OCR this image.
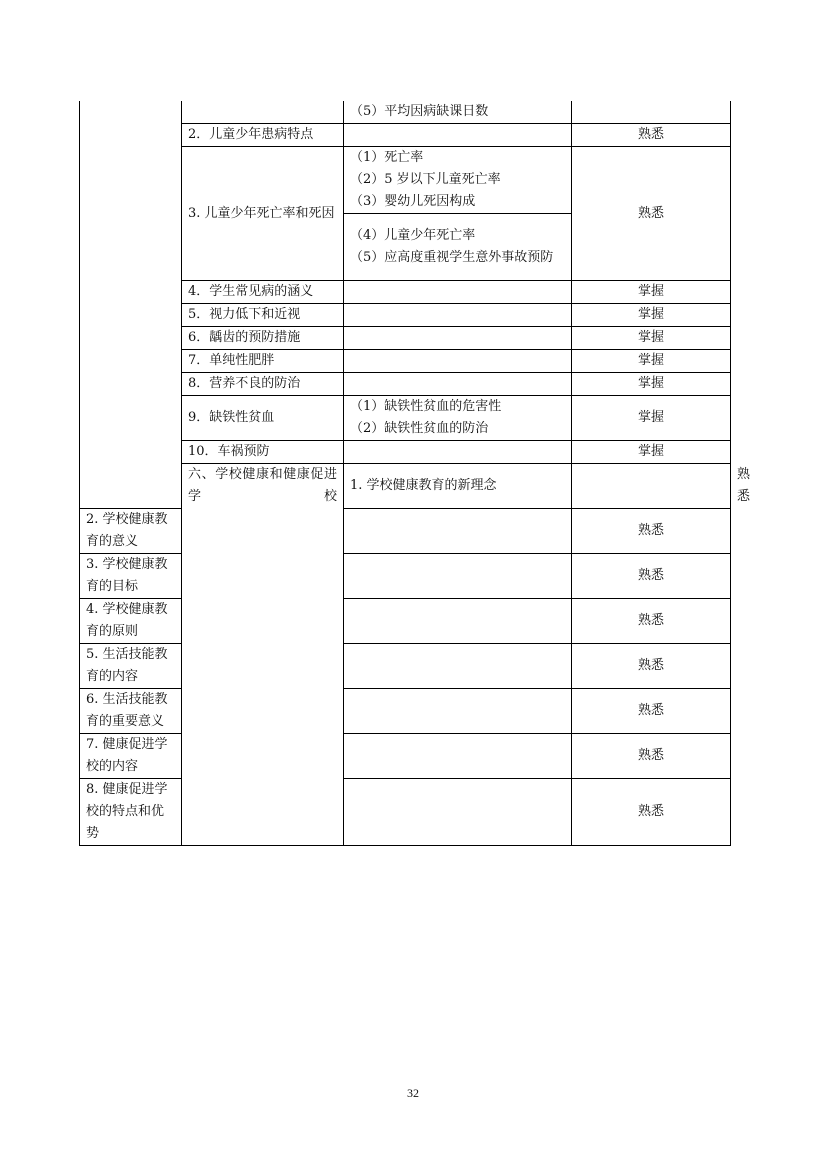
		（5）平均因病缺课日数		

	2．儿童少年患病特点		熟悉	
	3. 儿童少年死亡率和死因	（1）死亡率
（2）5 岁以下儿童死亡率
（3）婴幼儿死因构成	熟悉	

		（4）儿童少年死亡率
（5）应高度重视学生意外事故预防		

	4．学生常见病的涵义		掌握	
	5．视力低下和近视		掌握	
	6．龋齿的预防措施		掌握	
	7．单纯性肥胖		掌握	
	8．营养不良的防治		掌握	
	9．缺铁性贫血	（1）缺铁性贫血的危害性
（2）缺铁性贫血的防治	掌握	
	10．车祸预防		掌握	
	六、学校健康和健康促进学校	1. 学校健康教育的新理念		熟悉
2. 学校健康教育的意义			熟悉	
3. 学校健康教育的目标			熟悉	
4. 学校健康教育的原则			熟悉	
5. 生活技能教育的内容			熟悉	
6. 生活技能教育的重要意义			熟悉	
7. 健康促进学校的内容			熟悉	
8. 健康促进学校的特点和优势			熟悉	
32
